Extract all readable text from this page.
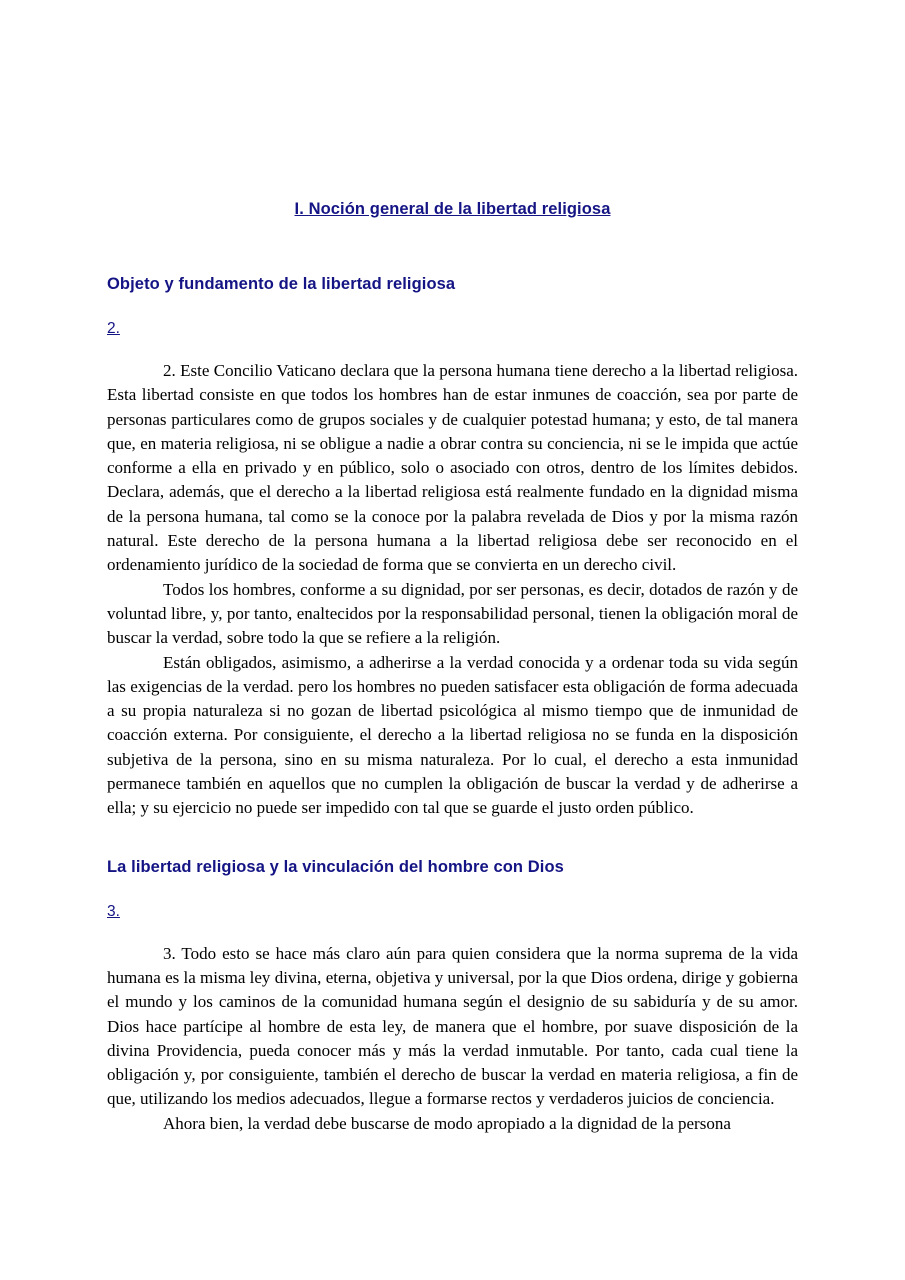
I. Noción general de la libertad religiosa
Objeto y fundamento de la libertad religiosa
2.

2. Este Concilio Vaticano declara que la persona humana tiene derecho a la libertad religiosa. Esta libertad consiste en que todos los hombres han de estar inmunes de coacción, sea por parte de personas particulares como de grupos sociales y de cualquier potestad humana; y esto, de tal manera que, en materia religiosa, ni se obligue a nadie a obrar contra su conciencia, ni se le impida que actúe conforme a ella en privado y en público, solo o asociado con otros, dentro de los límites debidos. Declara, además, que el derecho a la libertad religiosa está realmente fundado en la dignidad misma de la persona humana, tal como se la conoce por la palabra revelada de Dios y por la misma razón natural. Este derecho de la persona humana a la libertad religiosa debe ser reconocido en el ordenamiento jurídico de la sociedad de forma que se convierta en un derecho civil.

Todos los hombres, conforme a su dignidad, por ser personas, es decir, dotados de razón y de voluntad libre, y, por tanto, enaltecidos por la responsabilidad personal, tienen la obligación moral de buscar la verdad, sobre todo la que se refiere a la religión.

Están obligados, asimismo, a adherirse a la verdad conocida y a ordenar toda su vida según las exigencias de la verdad. pero los hombres no pueden satisfacer esta obligación de forma adecuada a su propia naturaleza si no gozan de libertad psicológica al mismo tiempo que de inmunidad de coacción externa. Por consiguiente, el derecho a la libertad religiosa no se funda en la disposición subjetiva de la persona, sino en su misma naturaleza. Por lo cual, el derecho a esta inmunidad permanece también en aquellos que no cumplen la obligación de buscar la verdad y de adherirse a ella; y su ejercicio no puede ser impedido con tal que se guarde el justo orden público.

La libertad religiosa y la vinculación del hombre con Dios
3.

3. Todo esto se hace más claro aún para quien considera que la norma suprema de la vida humana es la misma ley divina, eterna, objetiva y universal, por la que Dios ordena, dirige y gobierna el mundo y los caminos de la comunidad humana según el designio de su sabiduría y de su amor. Dios hace partícipe al hombre de esta ley, de manera que el hombre, por suave disposición de la divina Providencia, pueda conocer más y más la verdad inmutable. Por tanto, cada cual tiene la obligación y, por consiguiente, también el derecho de buscar la verdad en materia religiosa, a fin de que, utilizando los medios adecuados, llegue a formarse rectos y verdaderos juicios de conciencia.

Ahora bien, la verdad debe buscarse de modo apropiado a la dignidad de la persona
